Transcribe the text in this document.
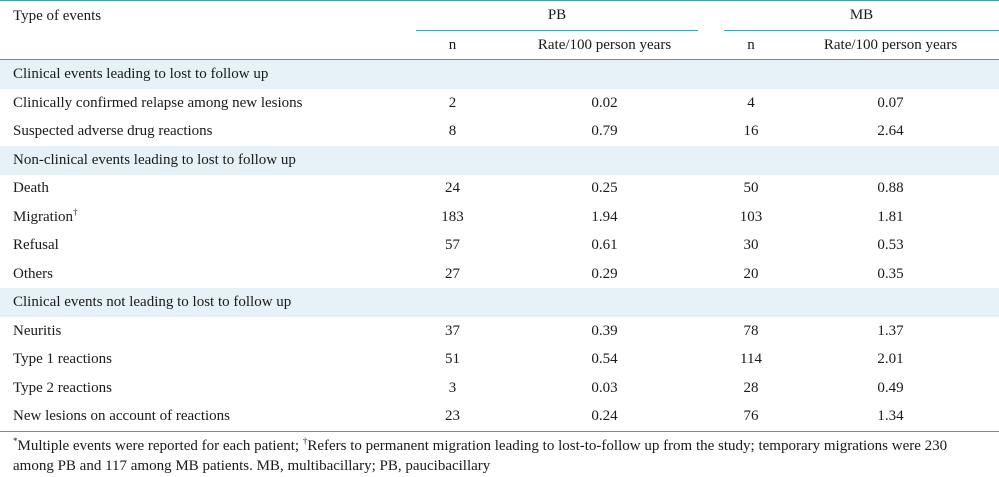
Type of events	PB		MB	

	n	Rate/100 person years	n	Rate/100 person years
Clinical events leading to lost to follow up				
Clinically confirmed relapse among new lesions	2	0.02	4	0.07
Suspected adverse drug reactions	8	0.79	16	2.64
Non-clinical events leading to lost to follow up				
Death	24	0.25	50	0.88
Migration†	183	1.94	103	1.81
Refusal	57	0.61	30	0.53
Others	27	0.29	20	0.35
Clinical events not leading to lost to follow up				
Neuritis	37	0.39	78	1.37
Type 1 reactions	51	0.54	114	2.01
Type 2 reactions	3	0.03	28	0.49
New lesions on account of reactions	23	0.24	76	1.34
*Multiple events were reported for each patient; †Refers to permanent migration leading to lost-to-follow up from the study; temporary migrations were 230 among PB and 117 among MB patients. MB, multibacillary; PB, paucibacillary				
